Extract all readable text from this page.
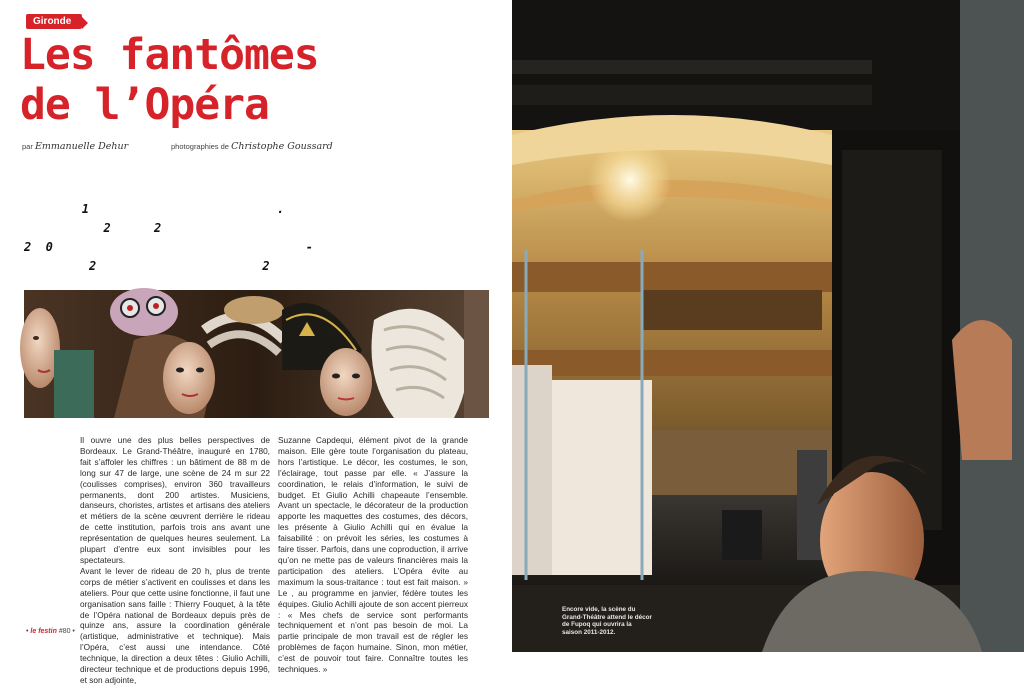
Gironde
Les fantômes
de l’Opéra
par Emmanuelle Dehur	photographies de Christophe Goussard
1                          .
2      2
2  0                                   -
2                       2

Il ouvre une des plus belles perspectives de Bordeaux. Le Grand-Théâtre, inauguré en 1780, fait s’affoler les chiffres : un bâtiment de 88 m de long sur 47 de large, une scène de 24 m sur 22 (coulisses comprises), environ 360 travailleurs permanents, dont 200 artistes. Musiciens, danseurs, choristes, artistes et artisans des ateliers et métiers de la scène œuvrent derrière le rideau de cette institution, parfois trois ans avant une représentation de quelques heures seulement. La plupart d’entre eux sont invisibles pour les spectateurs.

Avant le lever de rideau de 20 h, plus de trente corps de métier s’activent en coulisses et dans les ateliers. Pour que cette usine fonctionne, il faut une organisation sans faille : Thierry Fouquet, à la tête de l’Opéra national de Bordeaux depuis près de quinze ans, assure la coordination générale (artistique, administrative et technique). Mais l’Opéra, c’est aussi une intendance. Côté technique, la direction a deux têtes : Giulio Achilli, directeur technique et de productions depuis 1996, et son adjointe,

Suzanne Capdequi, élément pivot de la grande maison. Elle gère toute l’organisation du plateau, hors l’artistique. Le décor, les costumes, le son, l’éclairage, tout passe par elle. « J’assure la coordination, le relais d’information, le suivi de budget. Et Giulio Achilli chapeaute l’ensemble. Avant un spectacle, le décorateur de la production apporte les maquettes des costumes, des décors, les présente à Giulio Achilli qui en évalue la faisabilité : on prévoit les séries, les costumes à faire tisser. Parfois, dans une coproduction, il arrive qu’on ne mette pas de valeurs financières mais la participation des ateliers. L’Opéra évite au maximum la sous-traitance : tout est fait maison. » Le , au programme en janvier, fédère toutes les équipes. Giulio Achilli ajoute de son accent pierreux : « Mes chefs de service sont performants techniquement et n’ont pas besoin de moi. La partie principale de mon travail est de régler les problèmes de façon humaine. Sinon, mon métier, c’est de pouvoir tout faire. Connaître toutes les techniques. »

• le festin #80 •
Encore vide, la scène du Grand-Théâtre attend le décor de Fupoq qui ouvrira la saison 2011-2012.
